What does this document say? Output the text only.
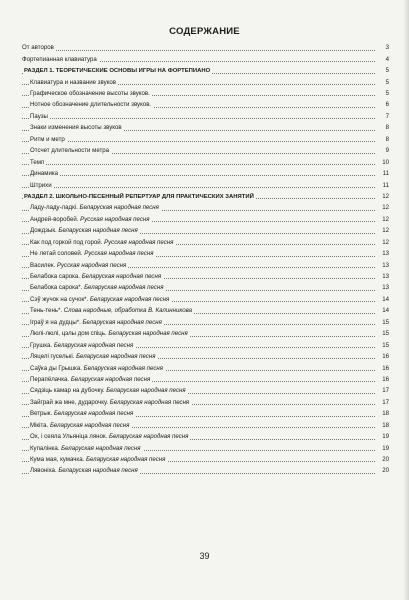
СОДЕРЖАНИЕ
От авторов	3
Фортепианная клавиатура	4
РАЗДЕЛ 1. ТЕОРЕТИЧЕСКИЕ ОСНОВЫ ИГРЫ НА ФОРТЕПИАНО	5
Клавиатура и название звуков	5
Графическое обозначение высоты звуков.	5
Нотное обозначение длительности звуков.	6
Паузы	7
Знаки изменения высоты звуков	8
Ритм и метр	8
Отсчет длительности метра	9
Темп	10
Динамика	11
Штрихи	11
РАЗДЕЛ 2. ШКОЛЬНО-ПЕСЕННЫЙ РЕПЕРТУАР ДЛЯ ПРАКТИЧЕСКИХ ЗАНЯТИЙ	12
Ладу-ладу-ладкі. Беларуская народная песня	12
Андрей-воробей. Русская народная песня	12
Дождзык. Беларуская народная песня	12
Как под горкой под горой. Русская народная песня	12
Не летай соловей. Русская народная песня	13
Василек. Русская народная песня	13
Белабока сарока. Беларуская народная песня	13
Белабока сарока*. Беларуская народная песня	13
Сэў жучок на сучок*. Беларуская народная песня	14
Тень-тень*. Слова народные, обработка В. Калинникова	14
Іграў я на дудцы*. Беларуская народная песня	15
Люлі-люлі, цэлы дом спіць. Беларуская народная песня	15
Грушка. Беларуская народная песня	15
Ляцелі гуселькі. Беларуская народная песня	16
Саўка ды Грышка. Беларуская народная песня	16
Перапёлачка. Беларуская народная песня	16
Сядзіць камар на дубочку. Беларуская народная песня	17
Зайграй жа мне, дударочку. Беларуская народная песня	17
Ветрык. Беларуская народная песня	18
Мікіта. Беларуская народная песня	18
Ох, і сеяла Ульяніца лянок. Беларуская народная песня	19
Купалінка. Беларуская народная песня	19
Кума мая, кумачка. Беларуская народная песня	20
Лявоніха. Беларуская народная песня	20
39
